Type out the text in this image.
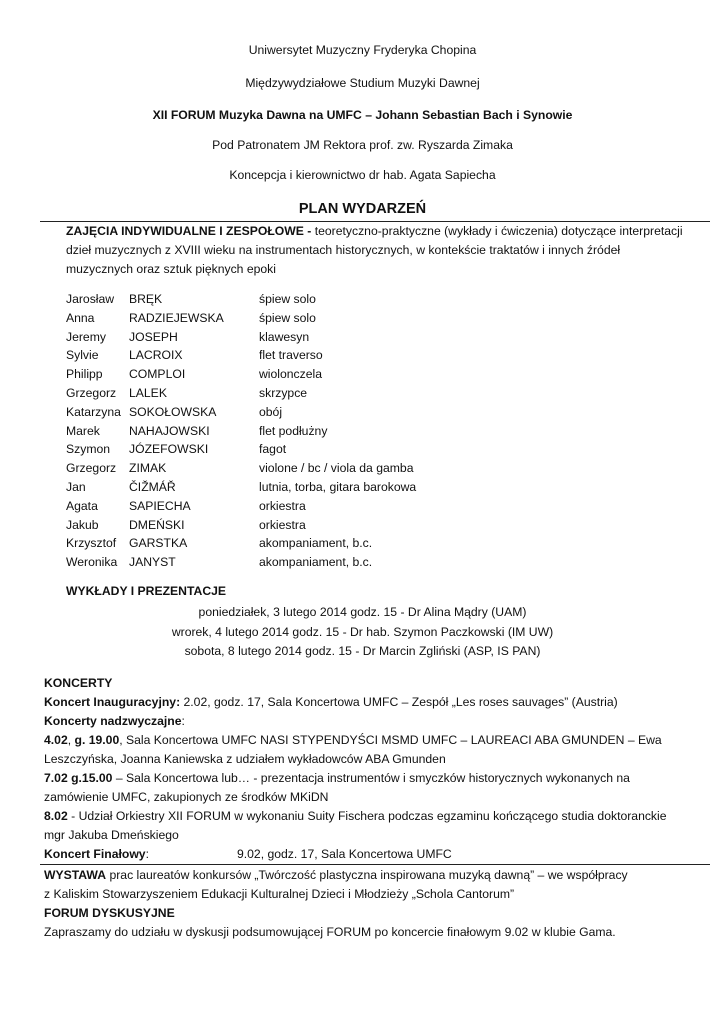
Uniwersytet Muzyczny Fryderyka Chopina
Międzywydziałowe Studium Muzyki Dawnej
XII FORUM Muzyka Dawna na UMFC – Johann Sebastian Bach i Synowie
Pod Patronatem JM Rektora prof. zw. Ryszarda Zimaka
Koncepcja i kierownictwo dr hab. Agata Sapiecha
PLAN WYDARZEŃ
ZAJĘCIA INDYWIDUALNE I ZESPOŁOWE - teoretyczno-praktyczne (wykłady i ćwiczenia) dotyczące interpretacji
dzieł muzycznych z XVIII wieku na instrumentach historycznych, w kontekście traktatów i innych źródeł
muzycznych oraz sztuk pięknych epoki
Jarosław	BRĘK	śpiew solo
Anna	RADZIEJEWSKA	śpiew solo
Jeremy	JOSEPH	klawesyn
Sylvie	LACROIX	flet traverso
Philipp	COMPLOI	wiolonczela
Grzegorz	LALEK	skrzypce
Katarzyna	SOKOŁOWSKA	obój
Marek	NAHAJOWSKI	flet podłużny
Szymon	JÓZEFOWSKI	fagot
Grzegorz	ZIMAK	violone / bc / viola da gamba
Jan	ČIŽMÁŘ	lutnia, torba, gitara barokowa
Agata	SAPIECHA	orkiestra
Jakub	DMEŃSKI	orkiestra
Krzysztof	GARSTKA	akompaniament, b.c.
Weronika	JANYST	akompaniament, b.c.
WYKŁADY I PREZENTACJE
poniedziałek, 3 lutego 2014 godz. 15 - Dr Alina Mądry (UAM)
wrorek, 4 lutego 2014 godz. 15 - Dr hab. Szymon Paczkowski (IM UW)
sobota, 8 lutego 2014 godz. 15 - Dr Marcin Zgliński (ASP, IS PAN)
KONCERTY
Koncert Inauguracyjny: 2.02, godz. 17, Sala Koncertowa UMFC – Zespół „Les roses sauvages” (Austria)
Koncerty nadzwyczajne:
4.02, g. 19.00, Sala Koncertowa UMFC NASI STYPENDYŚCI MSMD UMFC – LAUREACI ABA GMUNDEN – Ewa
Leszczyńska, Joanna Kaniewska z udziałem wykładowców ABA Gmunden
7.02 g.15.00 – Sala Koncertowa lub… - prezentacja instrumentów i smyczków historycznych wykonanych na
zamówienie UMFC, zakupionych ze środków MKiDN
8.02 - Udział Orkiestry XII FORUM w wykonaniu Suity Fischera podczas egzaminu kończącego studia doktoranckie
mgr Jakuba Dmeńskiego
Koncert Finałowy:	9.02, godz. 17, Sala Koncertowa UMFC
WYSTAWA prac laureatów konkursów „Twórczość plastyczna inspirowana muzyką dawną” – we współpracy
z Kaliskim Stowarzyszeniem Edukacji Kulturalnej Dzieci i Młodzieży „Schola Cantorum”
FORUM DYSKUSYJNE
Zapraszamy do udziału w dyskusji podsumowującej FORUM po koncercie finałowym 9.02 w klubie Gama.
